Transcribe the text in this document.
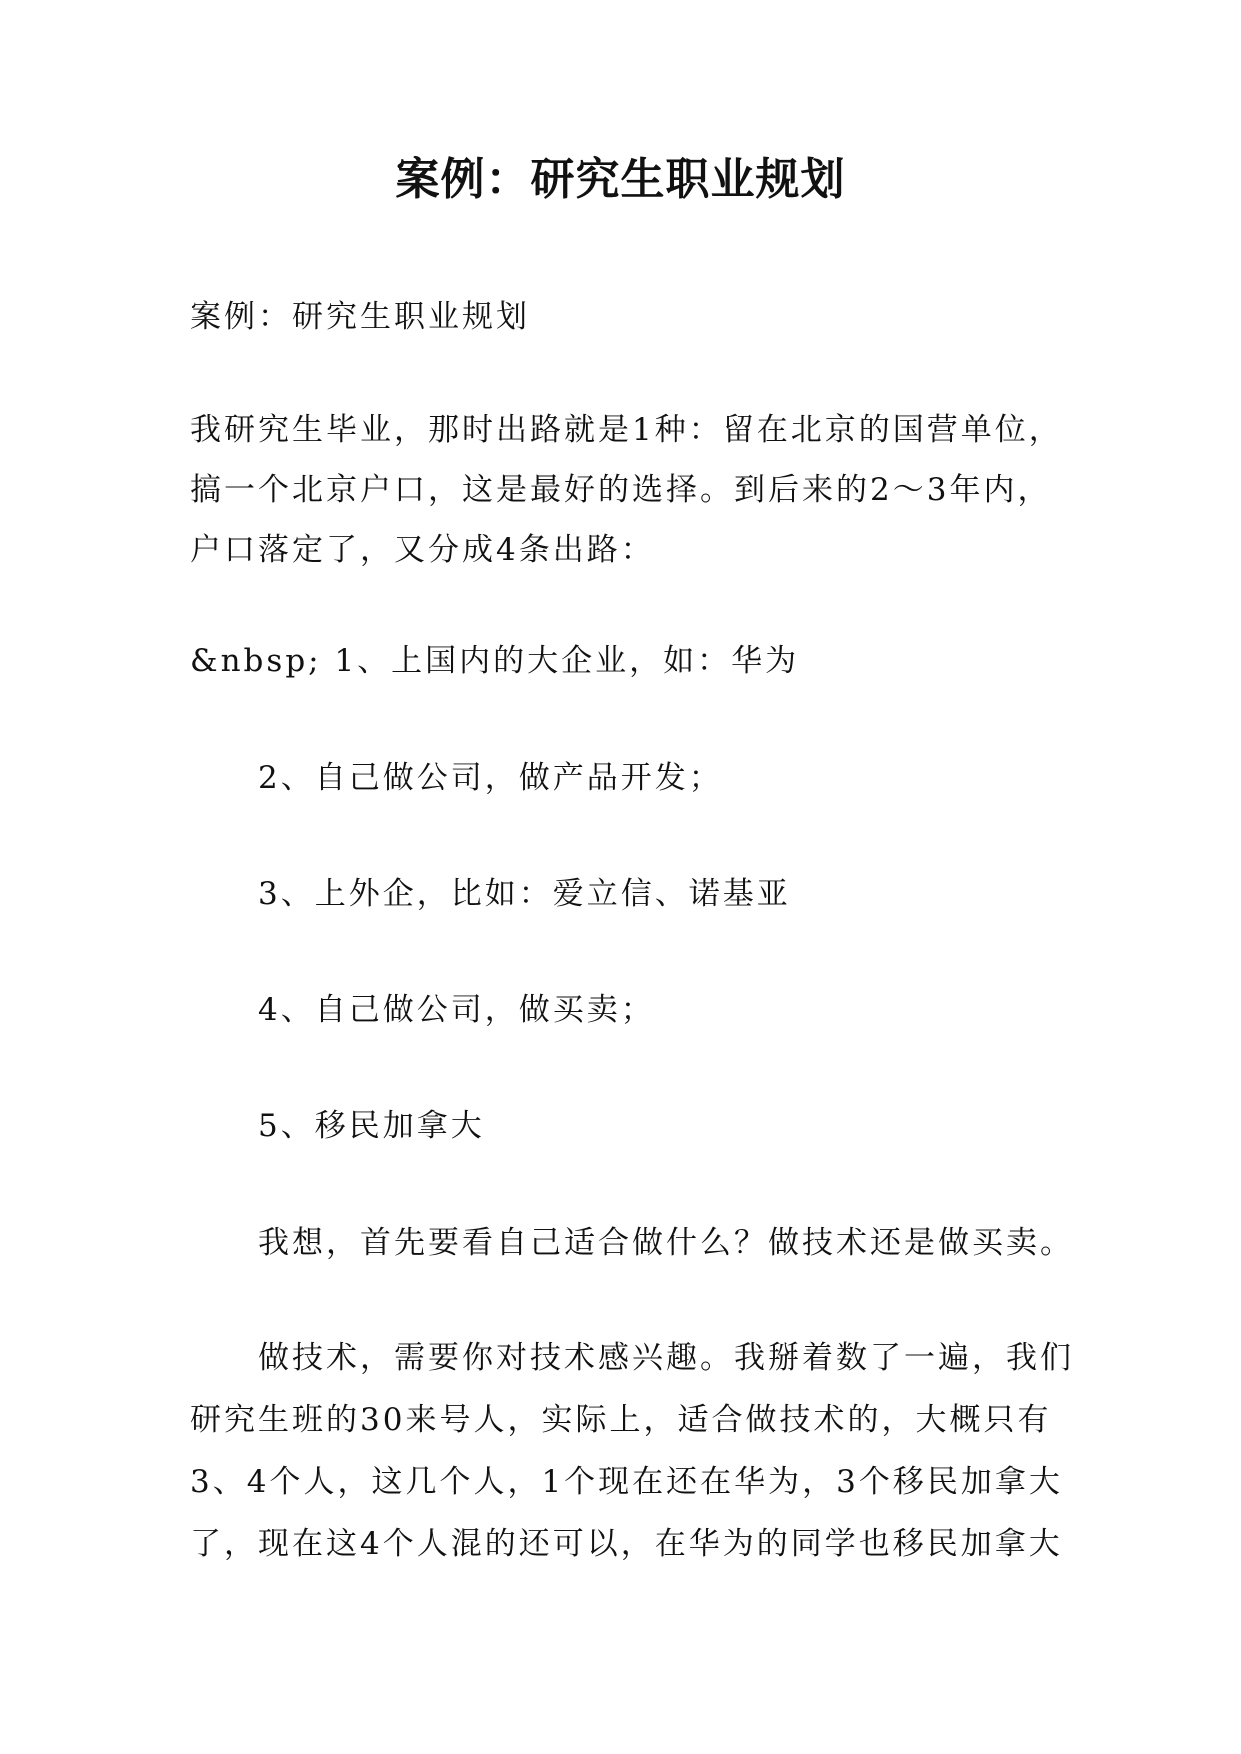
案例：研究生职业规划
案例：研究生职业规划
我研究生毕业，那时出路就是1种：留在北京的国营单位，
搞一个北京户口，这是最好的选择。到后来的2～3年内，
户口落定了，又分成4条出路：
&nbsp; 1、上国内的大企业，如：华为
2、自己做公司，做产品开发；
3、上外企，比如：爱立信、诺基亚
4、自己做公司，做买卖；
5、移民加拿大
我想，首先要看自己适合做什么？做技术还是做买卖。
做技术，需要你对技术感兴趣。我掰着数了一遍，我们
研究生班的30来号人，实际上，适合做技术的，大概只有
3、4个人，这几个人，1个现在还在华为，3个移民加拿大
了，现在这4个人混的还可以，在华为的同学也移民加拿大
